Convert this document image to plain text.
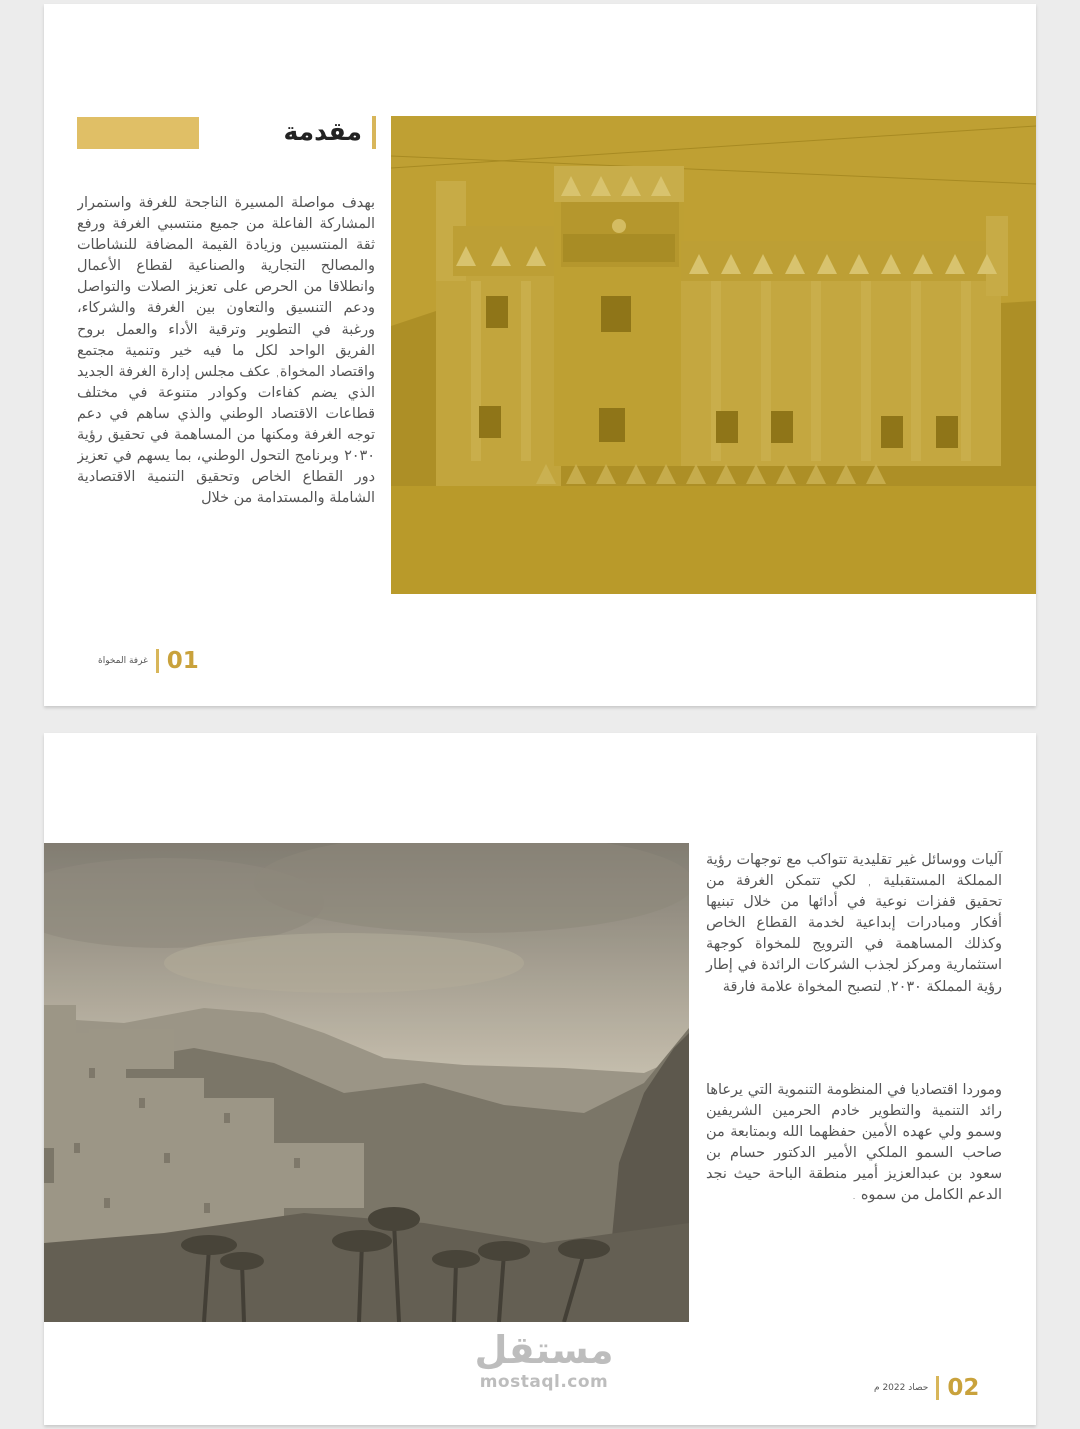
مقدمة
بهدف مواصلة المسيرة الناجحة للغرفة واستمرار المشاركة الفاعلة من جميع منتسبي الغرفة ورفع ثقة المنتسبين وزيادة القيمة المضافة للنشاطات والمصالح التجارية والصناعية لقطاع الأعمال وانطلاقا من الحرص على تعزيز الصلات والتواصل ودعم التنسيق والتعاون بين الغرفة والشركاء، ورغبة في التطوير وترقية الأداء والعمل بروح الفريق الواحد لكل ما فيه خير وتنمية مجتمع واقتصاد المخواة, عكف مجلس إدارة الغرفة الجديد الذي يضم كفاءات وكوادر متنوعة في مختلف قطاعات الاقتصاد الوطني والذي ساهم في دعم توجه الغرفة ومكنها من المساهمة في تحقيق رؤية ٢٠٣٠ وبرنامج التحول الوطني، بما يسهم في تعزيز دور القطاع الخاص وتحقيق التنمية الاقتصادية الشاملة والمستدامة من خلال
01
غرفة المخواة
آليات ووسائل غير تقليدية تتواكب مع توجهات رؤية المملكة المستقبلية , لكي تتمكن الغرفة من تحقيق قفزات نوعية في أدائها من خلال تبنيها أفكار ومبادرات إبداعية لخدمة القطاع الخاص وكذلك المساهمة في الترويج للمخواة كوجهة استثمارية ومركز لجذب الشركات الرائدة في إطار رؤية المملكة ٢٠٣٠, لتصبح المخواة علامة فارقة
وموردا اقتصاديا في المنظومة التنموية التي يرعاها رائد التنمية والتطوير خادم الحرمين الشريفين وسمو ولي عهده الأمين حفظهما الله وبمتابعة من صاحب السمو الملكي الأمير الدكتور حسام بن سعود بن عبدالعزيز أمير منطقة الباحة حيث نجد الدعم الكامل من سموه .
مستقل
mostaql.com	02
حصاد 2022 م
